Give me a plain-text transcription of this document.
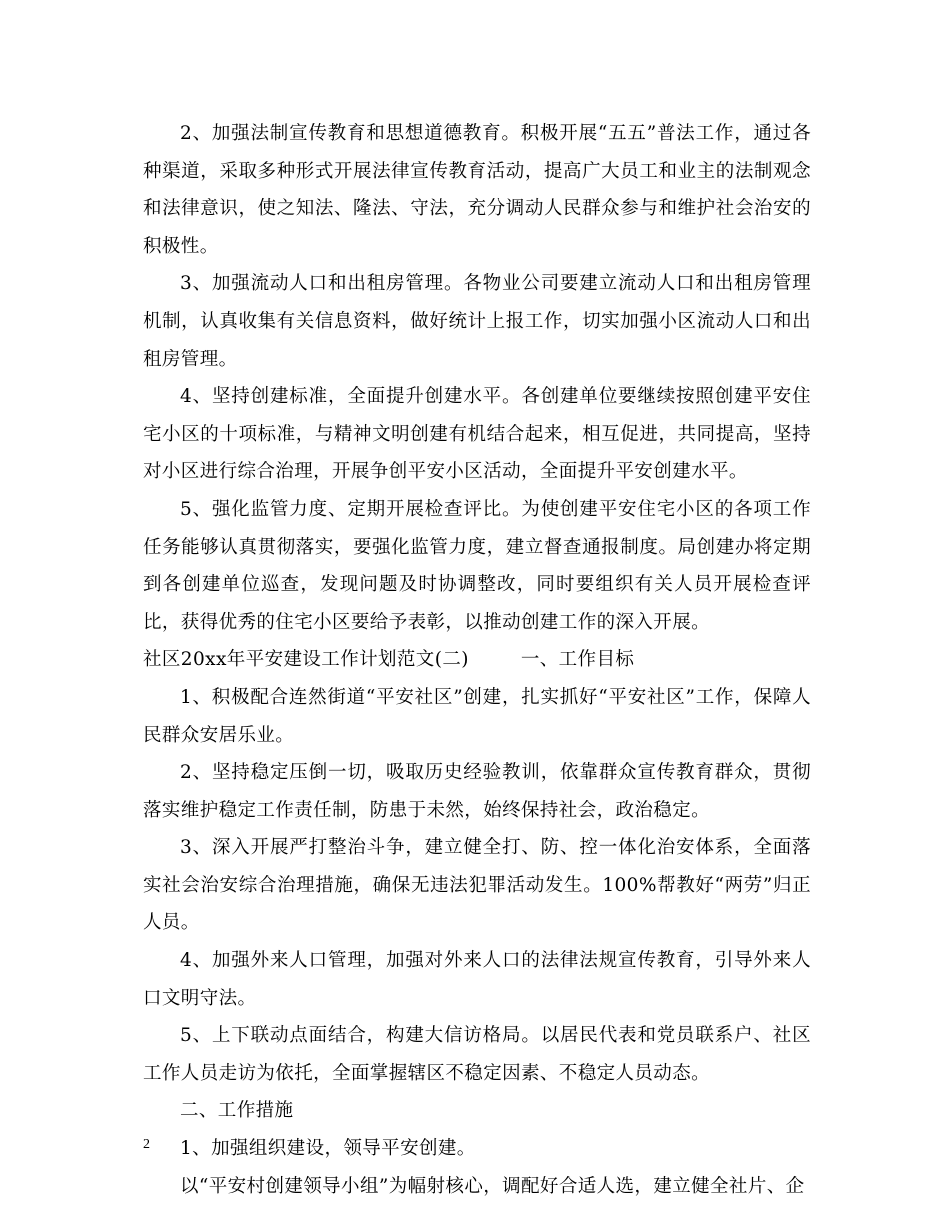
2、加强法制宣传教育和思想道德教育。积极开展“五五”普法工作，通过各种渠道，采取多种形式开展法律宣传教育活动，提高广大员工和业主的法制观念和法律意识，使之知法、隆法、守法，充分调动人民群众参与和维护社会治安的积极性。

3、加强流动人口和出租房管理。各物业公司要建立流动人口和出租房管理机制，认真收集有关信息资料，做好统计上报工作，切实加强小区流动人口和出租房管理。

4、坚持创建标准，全面提升创建水平。各创建单位要继续按照创建平安住宅小区的十项标准，与精神文明创建有机结合起来，相互促进，共同提高，坚持对小区进行综合治理，开展争创平安小区活动，全面提升平安创建水平。

5、强化监管力度、定期开展检查评比。为使创建平安住宅小区的各项工作任务能够认真贯彻落实，要强化监管力度，建立督查通报制度。局创建办将定期到各创建单位巡查，发现问题及时协调整改，同时要组织有关人员开展检查评比，获得优秀的住宅小区要给予表彰，以推动创建工作的深入开展。

社区20xx年平安建设工作计划范文(二)	一、工作目标

1、积极配合连然街道“平安社区”创建，扎实抓好“平安社区”工作，保障人民群众安居乐业。

2、坚持稳定压倒一切，吸取历史经验教训，依靠群众宣传教育群众，贯彻落实维护稳定工作责任制，防患于未然，始终保持社会，政治稳定。

3、深入开展严打整治斗争，建立健全打、防、控一体化治安体系，全面落实社会治安综合治理措施，确保无违法犯罪活动发生。100%帮教好“两劳”归正人员。

4、加强外来人口管理，加强对外来人口的法律法规宣传教育，引导外来人口文明守法。

5、上下联动点面结合，构建大信访格局。以居民代表和党员联系户、社区工作人员走访为依托，全面掌握辖区不稳定因素、不稳定人员动态。

二、工作措施

1、加强组织建设，领导平安创建。

以“平安村创建领导小组”为幅射核心，调配好合适人选，建立健全社片、企

2
